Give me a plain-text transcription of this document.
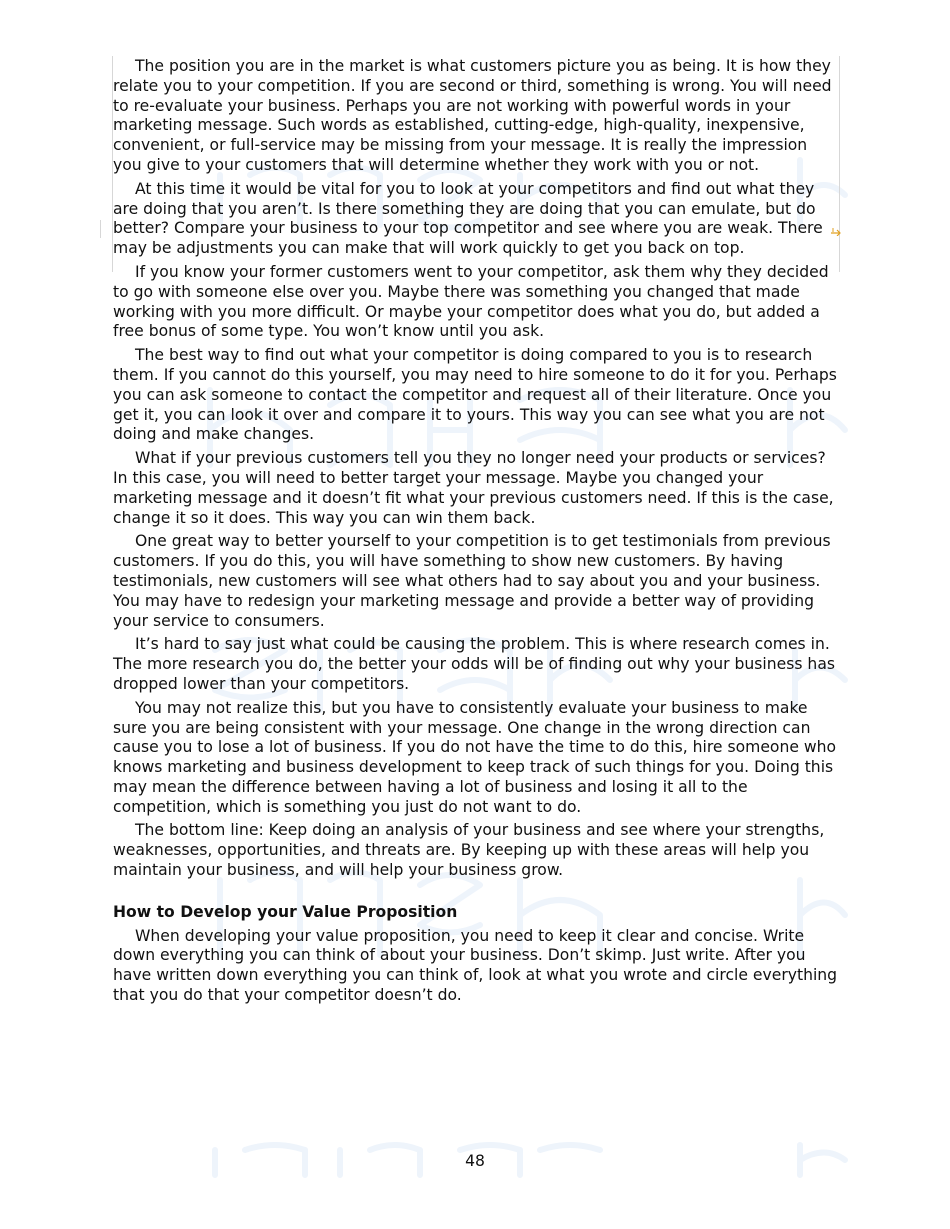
The position you are in the market is what customers picture you as being. It is how they relate you to your competition. If you are second or third, something is wrong. You will need to re-evaluate your business. Perhaps you are not working with powerful words in your marketing message. Such words as established, cutting-edge, high-quality, inexpensive, convenient, or full-service may be missing from your message. It is really the impression you give to your customers that will determine whether they work with you or not.

At this time it would be vital for you to look at your competitors and find out what they are doing that you aren’t. Is there something they are doing that you can emulate, but do better? Compare your business to your top competitor and see where you are weak. There may be adjustments you can make that will work quickly to get you back on top.

If you know your former customers went to your competitor, ask them why they decided to go with someone else over you. Maybe there was something you changed that made working with you more difficult. Or maybe your competitor does what you do, but added a free bonus of some type. You won’t know until you ask.

The best way to find out what your competitor is doing compared to you is to research them. If you cannot do this yourself, you may need to hire someone to do it for you. Perhaps you can ask someone to contact the competitor and request all of their literature. Once you get it, you can look it over and compare it to yours. This way you can see what you are not doing and make changes.

What if your previous customers tell you they no longer need your products or services? In this case, you will need to better target your message. Maybe you changed your marketing message and it doesn’t fit what your previous customers need. If this is the case, change it so it does. This way you can win them back.

One great way to better yourself to your competition is to get testimonials from previous customers. If you do this, you will have something to show new customers. By having testimonials, new customers will see what others had to say about you and your business. You may have to redesign your marketing message and provide a better way of providing your service to consumers.

It’s hard to say just what could be causing the problem. This is where research comes in. The more research you do, the better your odds will be of finding out why your business has dropped lower than your competitors.

You may not realize this, but you have to consistently evaluate your business to make sure you are being consistent with your message. One change in the wrong direction can cause you to lose a lot of business. If you do not have the time to do this, hire someone who knows marketing and business development to keep track of such things for you. Doing this may mean the difference between having a lot of business and losing it all to the competition, which is something you just do not want to do.

The bottom line: Keep doing an analysis of your business and see where your strengths, weaknesses, opportunities, and threats are. By keeping up with these areas will help you maintain your business, and will help your business grow.

How to Develop your Value Proposition

When developing your value proposition, you need to keep it clear and concise. Write down everything you can think of about your business. Don’t skimp. Just write. After you have written down everything you can think of, look at what you wrote and circle everything that you do that your competitor doesn’t do.

48
